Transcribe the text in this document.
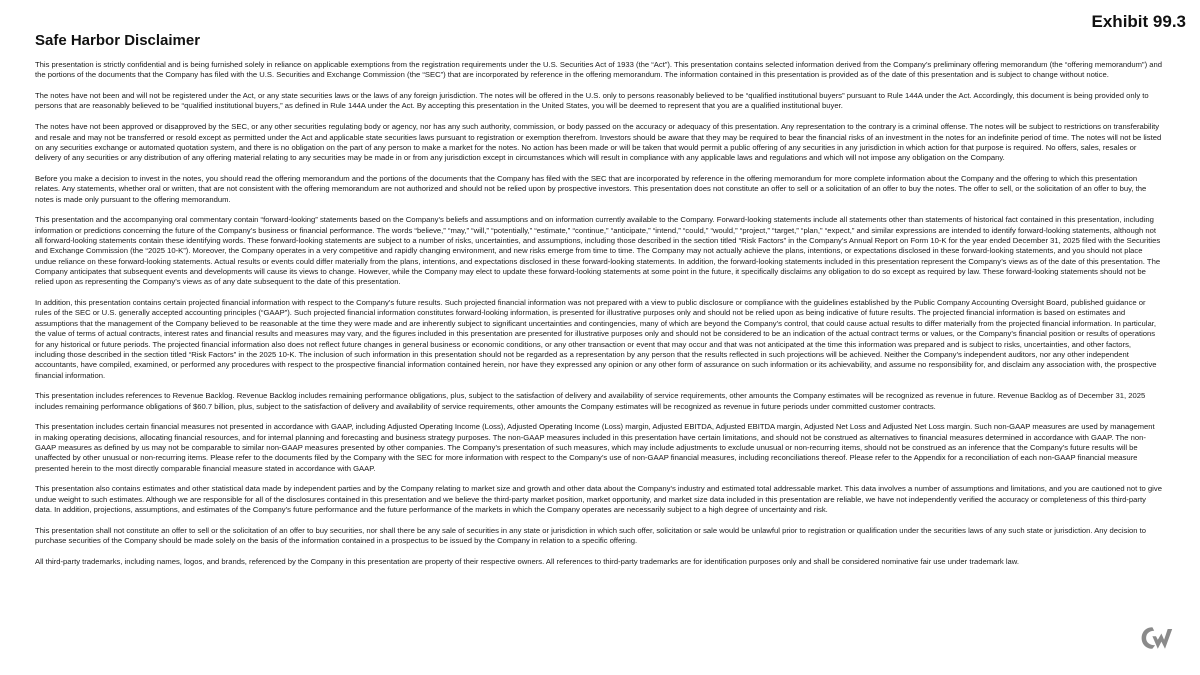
Exhibit 99.3
Safe Harbor Disclaimer

This presentation is strictly confidential and is being furnished solely in reliance on applicable exemptions from the registration requirements under the U.S. Securities Act of 1933 (the “Act”). This presentation contains selected information derived from the Company’s preliminary offering memorandum (the “offering memorandum”) and the portions of the documents that the Company has filed with the U.S. Securities and Exchange Commission (the “SEC”) that are incorporated by reference in the offering memorandum. The information contained in this presentation is provided as of the date of this presentation and is subject to change without notice.

The notes have not been and will not be registered under the Act, or any state securities laws or the laws of any foreign jurisdiction. The notes will be offered in the U.S. only to persons reasonably believed to be “qualified institutional buyers” pursuant to Rule 144A under the Act. Accordingly, this document is being provided only to persons that are reasonably believed to be “qualified institutional buyers,” as defined in Rule 144A under the Act. By accepting this presentation in the United States, you will be deemed to represent that you are a qualified institutional buyer.

The notes have not been approved or disapproved by the SEC, or any other securities regulating body or agency, nor has any such authority, commission, or body passed on the accuracy or adequacy of this presentation. Any representation to the contrary is a criminal offense. The notes will be subject to restrictions on transferability and resale and may not be transferred or resold except as permitted under the Act and applicable state securities laws pursuant to registration or exemption therefrom. Investors should be aware that they may be required to bear the financial risks of an investment in the notes for an indefinite period of time. The notes will not be listed on any securities exchange or automated quotation system, and there is no obligation on the part of any person to make a market for the notes. No action has been made or will be taken that would permit a public offering of any securities in any jurisdiction in which action for that purpose is required. No offers, sales, resales or delivery of any securities or any distribution of any offering material relating to any securities may be made in or from any jurisdiction except in circumstances which will result in compliance with any applicable laws and regulations and which will not impose any obligation on the Company.

Before you make a decision to invest in the notes, you should read the offering memorandum and the portions of the documents that the Company has filed with the SEC that are incorporated by reference in the offering memorandum for more complete information about the Company and the offering to which this presentation relates. Any statements, whether oral or written, that are not consistent with the offering memorandum are not authorized and should not be relied upon by prospective investors. This presentation does not constitute an offer to sell or a solicitation of an offer to buy the notes. The offer to sell, or the solicitation of an offer to buy, the notes is made only pursuant to the offering memorandum.

This presentation and the accompanying oral commentary contain “forward-looking” statements based on the Company’s beliefs and assumptions and on information currently available to the Company. Forward-looking statements include all statements other than statements of historical fact contained in this presentation, including information or predictions concerning the future of the Company’s business or financial performance. The words “believe,” “may,” “will,” “potentially,” “estimate,” “continue,” “anticipate,” “intend,” “could,” “would,” “project,” “target,” “plan,” “expect,” and similar expressions are intended to identify forward-looking statements, although not all forward-looking statements contain these identifying words. These forward-looking statements are subject to a number of risks, uncertainties, and assumptions, including those described in the section titled “Risk Factors” in the Company’s Annual Report on Form 10-K for the year ended December 31, 2025 filed with the Securities and Exchange Commission (the “2025 10-K”). Moreover, the Company operates in a very competitive and rapidly changing environment, and new risks emerge from time to time. The Company may not actually achieve the plans, intentions, or expectations disclosed in these forward-looking statements, and you should not place undue reliance on these forward-looking statements. Actual results or events could differ materially from the plans, intentions, and expectations disclosed in these forward-looking statements. In addition, the forward-looking statements included in this presentation represent the Company’s views as of the date of this presentation. The Company anticipates that subsequent events and developments will cause its views to change. However, while the Company may elect to update these forward-looking statements at some point in the future, it specifically disclaims any obligation to do so except as required by law. These forward-looking statements should not be relied upon as representing the Company’s views as of any date subsequent to the date of this presentation.

In addition, this presentation contains certain projected financial information with respect to the Company’s future results. Such projected financial information was not prepared with a view to public disclosure or compliance with the guidelines established by the Public Company Accounting Oversight Board, published guidance or rules of the SEC or U.S. generally accepted accounting principles (“GAAP”). Such projected financial information constitutes forward-looking information, is presented for illustrative purposes only and should not be relied upon as being indicative of future results. The projected financial information is based on estimates and assumptions that the management of the Company believed to be reasonable at the time they were made and are inherently subject to significant uncertainties and contingencies, many of which are beyond the Company’s control, that could cause actual results to differ materially from the projected financial information. In particular, the value of terms of actual contracts, interest rates and financial results and measures may vary, and the figures included in this presentation are presented for illustrative purposes only and should not be considered to be an indication of the actual contract terms or values, or the Company’s financial position or results of operations for any historical or future periods. The projected financial information also does not reflect future changes in general business or economic conditions, or any other transaction or event that may occur and that was not anticipated at the time this information was prepared and is subject to risks, uncertainties, and other factors, including those described in the section titled “Risk Factors” in the 2025 10-K. The inclusion of such information in this presentation should not be regarded as a representation by any person that the results reflected in such projections will be achieved. Neither the Company’s independent auditors, nor any other independent accountants, have compiled, examined, or performed any procedures with respect to the prospective financial information contained herein, nor have they expressed any opinion or any other form of assurance on such information or its achievability, and assume no responsibility for, and disclaim any association with, the prospective financial information.

This presentation includes references to Revenue Backlog. Revenue Backlog includes remaining performance obligations, plus, subject to the satisfaction of delivery and availability of service requirements, other amounts the Company estimates will be recognized as revenue in future. Revenue Backlog as of December 31, 2025 includes remaining performance obligations of $60.7 billion, plus, subject to the satisfaction of delivery and availability of service requirements, other amounts the Company estimates will be recognized as revenue in future periods under committed customer contracts.

This presentation includes certain financial measures not presented in accordance with GAAP, including Adjusted Operating Income (Loss), Adjusted Operating Income (Loss) margin, Adjusted EBITDA, Adjusted EBITDA margin, Adjusted Net Loss and Adjusted Net Loss margin. Such non-GAAP measures are used by management in making operating decisions, allocating financial resources, and for internal planning and forecasting and business strategy purposes. The non-GAAP measures included in this presentation have certain limitations, and should not be construed as alternatives to financial measures determined in accordance with GAAP. The non-GAAP measures as defined by us may not be comparable to similar non-GAAP measures presented by other companies. The Company’s presentation of such measures, which may include adjustments to exclude unusual or non-recurring items, should not be construed as an inference that the Company’s future results will be unaffected by other unusual or non-recurring items. Please refer to the documents filed by the Company with the SEC for more information with respect to the Company’s use of non-GAAP financial measures, including reconciliations thereof. Please refer to the Appendix for a reconciliation of each non-GAAP financial measure presented herein to the most directly comparable financial measure stated in accordance with GAAP.

This presentation also contains estimates and other statistical data made by independent parties and by the Company relating to market size and growth and other data about the Company’s industry and estimated total addressable market. This data involves a number of assumptions and limitations, and you are cautioned not to give undue weight to such estimates. Although we are responsible for all of the disclosures contained in this presentation and we believe the third-party market position, market opportunity, and market size data included in this presentation are reliable, we have not independently verified the accuracy or completeness of this third-party data. In addition, projections, assumptions, and estimates of the Company’s future performance and the future performance of the markets in which the Company operates are necessarily subject to a high degree of uncertainty and risk.

This presentation shall not constitute an offer to sell or the solicitation of an offer to buy securities, nor shall there be any sale of securities in any state or jurisdiction in which such offer, solicitation or sale would be unlawful prior to registration or qualification under the securities laws of any such state or jurisdiction. Any decision to purchase securities of the Company should be made solely on the basis of the information contained in a prospectus to be issued by the Company in relation to a specific offering.

All third-party trademarks, including names, logos, and brands, referenced by the Company in this presentation are property of their respective owners. All references to third-party trademarks are for identification purposes only and shall be considered nominative fair use under trademark law.
